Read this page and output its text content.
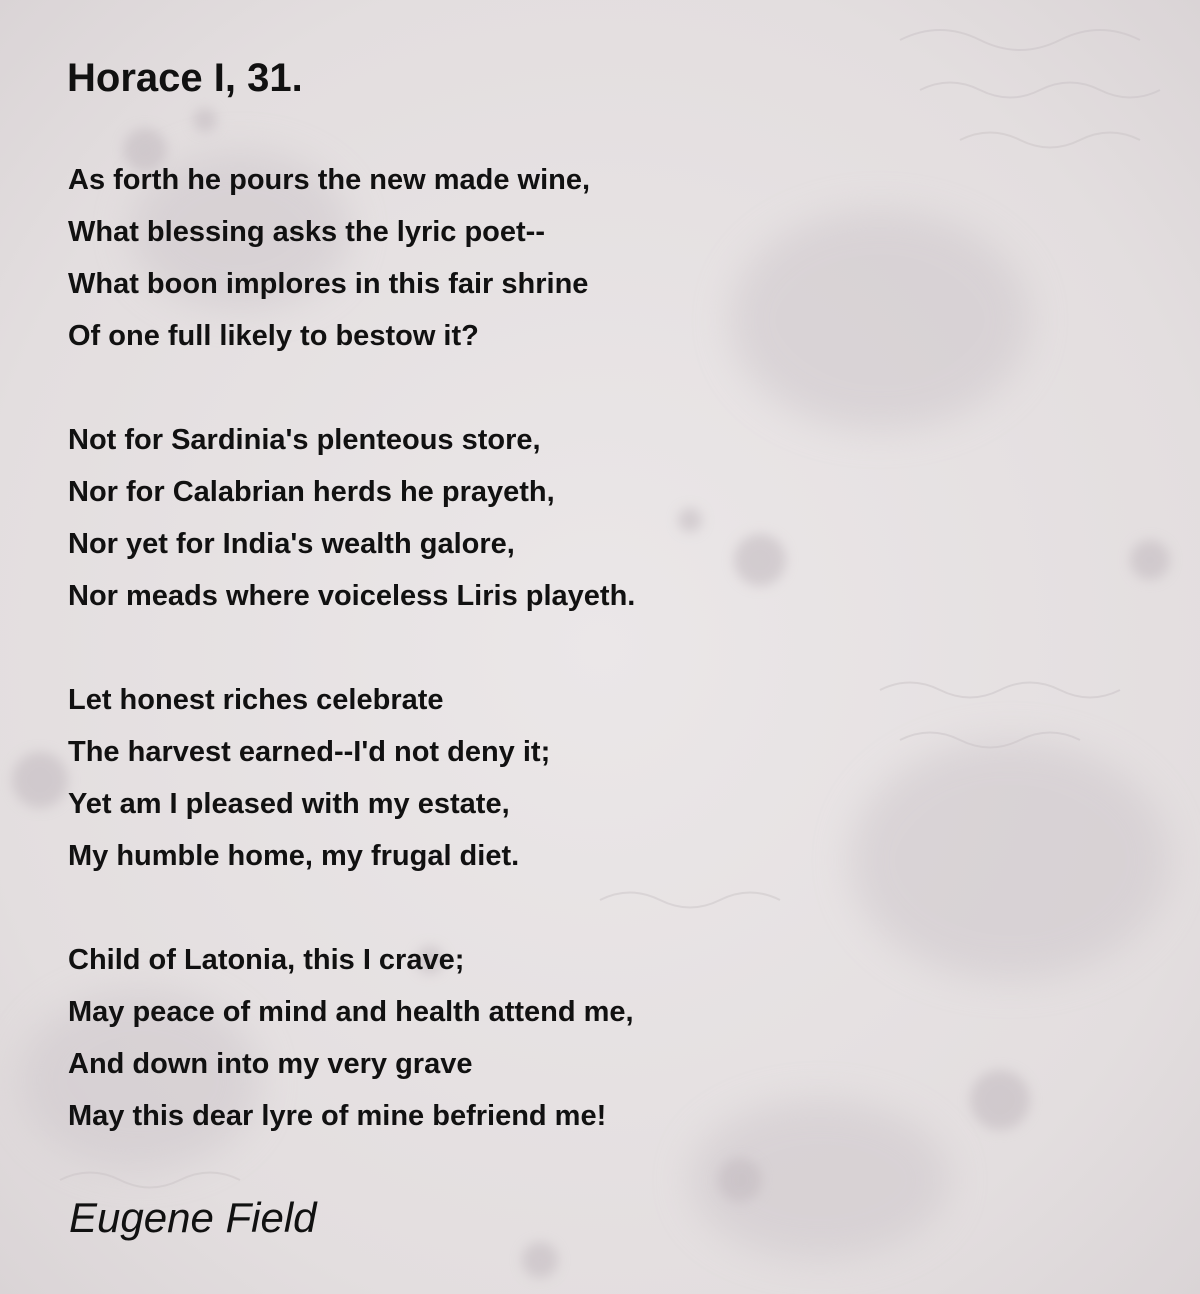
Horace I, 31.
As forth he pours the new made wine,
What blessing asks the lyric poet--
What boon implores in this fair shrine
Of one full likely to bestow it?
Not for Sardinia's plenteous store,
Nor for Calabrian herds he prayeth,
Nor yet for India's wealth galore,
Nor meads where voiceless Liris playeth.
Let honest riches celebrate
The harvest earned--I'd not deny it;
Yet am I pleased with my estate,
My humble home, my frugal diet.
Child of Latonia, this I crave;
May peace of mind and health attend me,
And down into my very grave
May this dear lyre of mine befriend me!

Eugene Field
